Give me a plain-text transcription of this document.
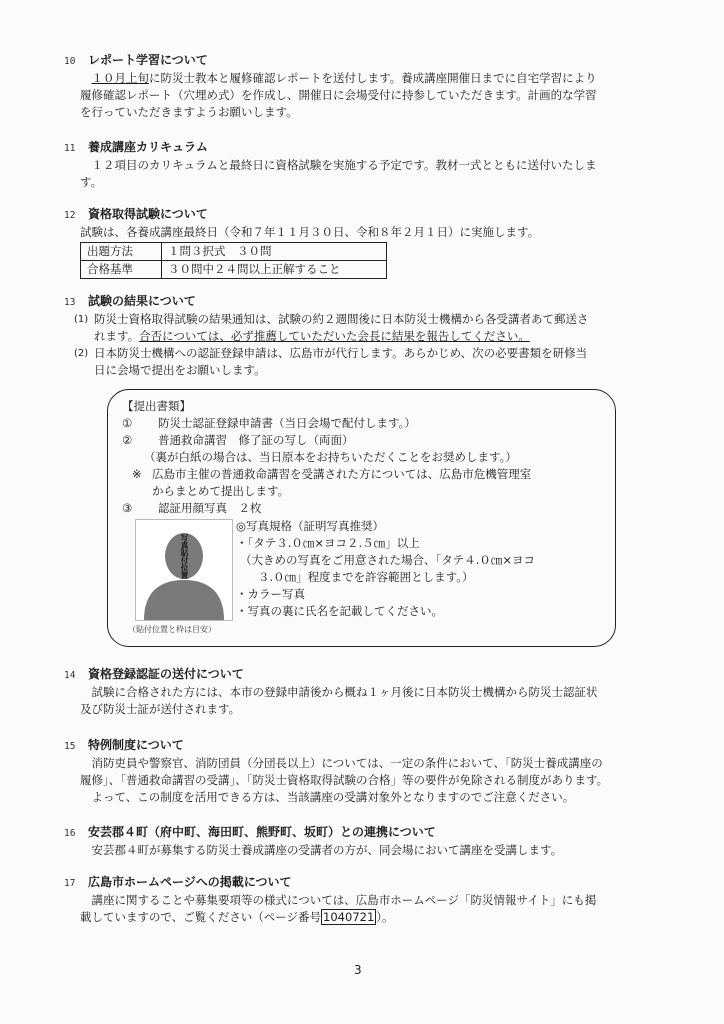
10	レポート学習について

１０月上旬に防災士教本と履修確認レポートを送付します。養成講座開催日までに自宅学習により

履修確認レポート（穴埋め式）を作成し、開催日に会場受付に持参していただきます。計画的な学習

を行っていただきますようお願いします。

11	養成講座カリキュラム

１２項目のカリキュラムと最終日に資格試験を実施する予定です。教材一式とともに送付いたしま

す。

12	資格取得試験について

試験は、各養成講座最終日（令和７年１１月３０日、令和８年２月１日）に実施します。

出題方法	１問３択式　３０問
合格基準	３０問中２４問以上正解すること
13	試験の結果について
(1) 防災士資格取得試験の結果通知は、試験の約２週間後に日本防災士機構から各受講者あて郵送さ

れます。合否については、必ず推薦していただいた会長に結果を報告してください。

(2) 日本防災士機構への認証登録申請は、広島市が代行します。あらかじめ、次の必要書類を研修当

日に会場で提出をお願いします。

【提出書類】

①	防災士認証登録申請書（当日会場で配付します。）

②	普通救命講習　修了証の写し（両面）

（裏が白紙の場合は、当日原本をお持ちいただくことをお奨めします。）

※ 広島市主催の普通救命講習を受講された方については、広島市危機管理室

からまとめて提出します。

③	認証用顔写真　２枚

写真貼付位置
（貼付位置と枠は目安）

◎写真規格（証明写真推奨）

・「タテ３.０㎝×ヨコ２.５㎝」以上

（大きめの写真をご用意された場合、「タテ４.０㎝×ヨコ

３.０㎝」程度までを許容範囲とします。）

・カラー写真

・写真の裏に氏名を記載してください。

14	資格登録認証の送付について

試験に合格された方には、本市の登録申請後から概ね１ヶ月後に日本防災士機構から防災士認証状

及び防災士証が送付されます。

15	特例制度について

消防吏員や警察官、消防団員（分団長以上）については、一定の条件において、「防災士養成講座の

履修」、「普通救命講習の受講」、「防災士資格取得試験の合格」等の要件が免除される制度があります。

よって、この制度を活用できる方は、当該講座の受講対象外となりますのでご注意ください。

16	安芸郡４町（府中町、海田町、熊野町、坂町）との連携について

安芸郡４町が募集する防災士養成講座の受講者の方が、同会場において講座を受講します。

17	広島市ホームページへの掲載について

講座に関することや募集要項等の様式については、広島市ホームページ「防災情報サイト」にも掲

載していますので、ご覧ください（ページ番号 1040721 ）。

3
